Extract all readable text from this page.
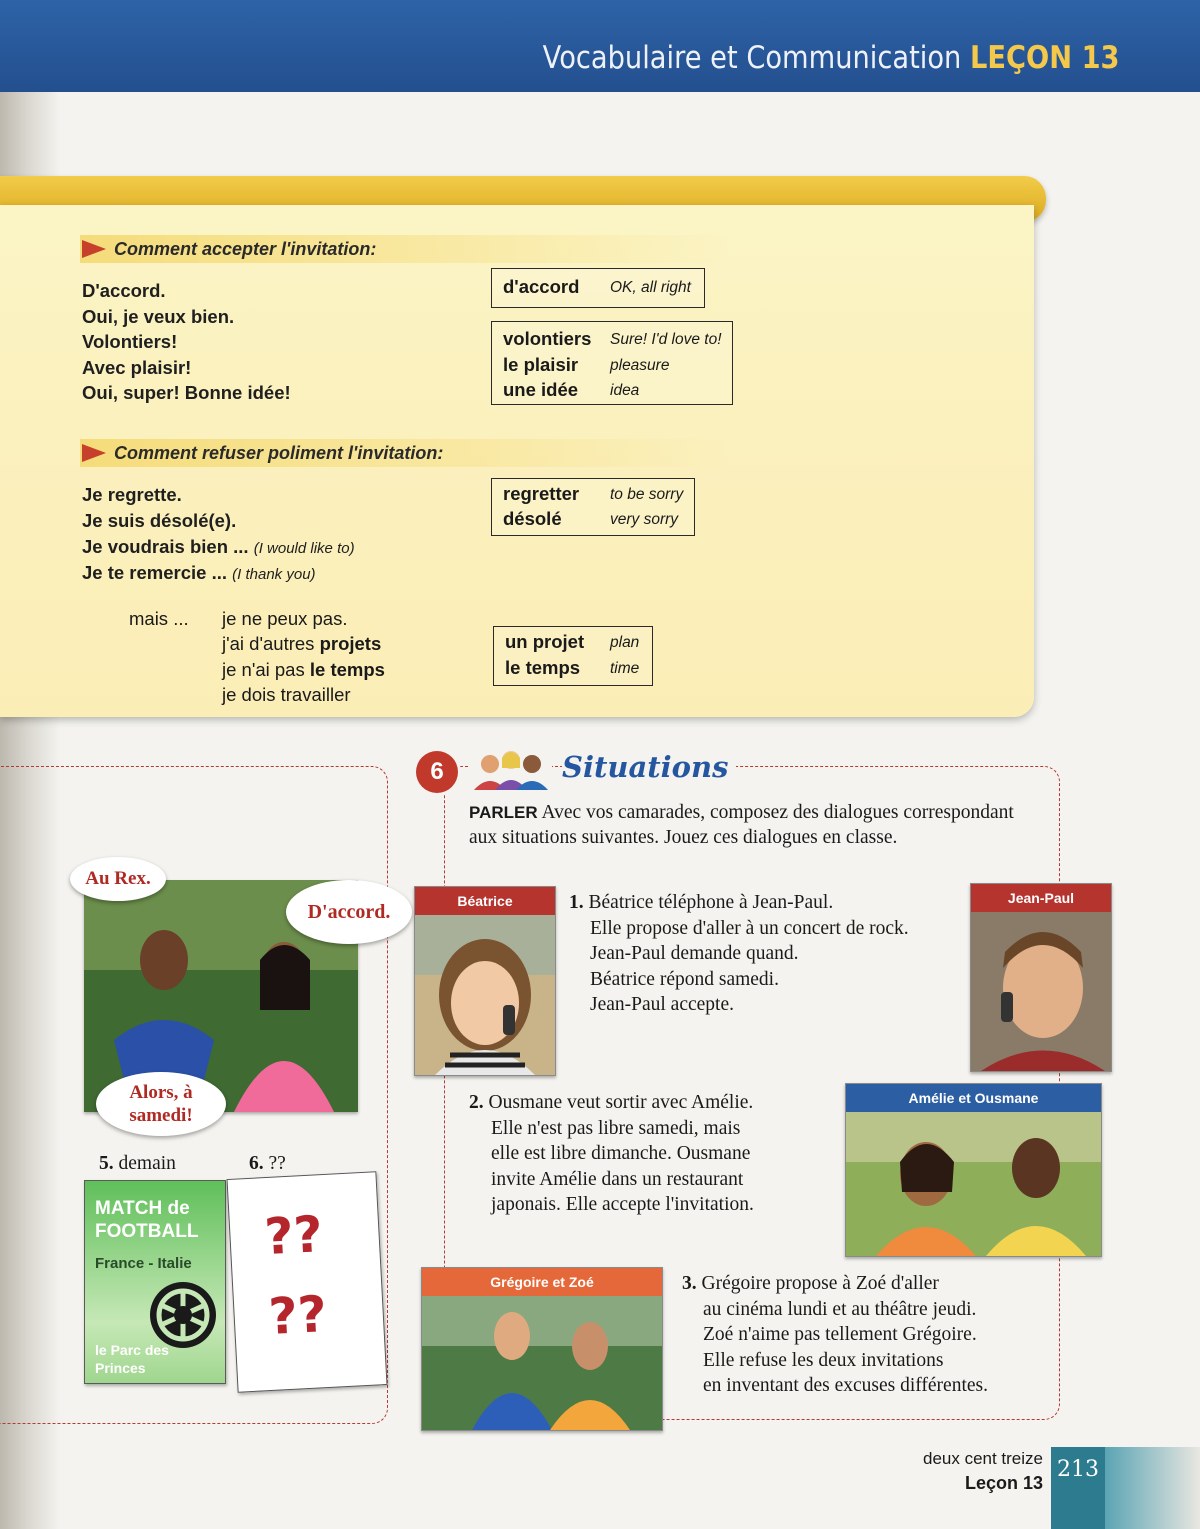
Vocabulaire et Communication LEÇON 13
Comment accepter l'invitation:
D'accord.
Oui, je veux bien.
Volontiers!
Avec plaisir!
Oui, super! Bonne idée!
d'accord OK, all right
volontiers Sure! I'd love to!
le plaisir pleasure
une idée idea
Comment refuser poliment l'invitation:
Je regrette.
Je suis désolé(e).
Je voudrais bien ... (I would like to)
Je te remercie ... (I thank you)
regretter to be sorry
désolé	very sorry
mais ... je ne peux pas.
j'ai d'autres projets
je n'ai pas le temps
je dois travailler
un projet plan
le temps time
6	Situations
PARLER Avec vos camarades, composez des dialogues correspondant aux situations suivantes. Jouez ces dialogues en classe.
Béatrice	1. Béatrice téléphone à Jean-Paul.
Elle propose d'aller à un concert de rock.
Jean-Paul demande quand.
Béatrice répond samedi.
Jean-Paul accepte.
Jean-Paul
2. Ousmane veut sortir avec Amélie.
Elle n'est pas libre samedi, mais
elle est libre dimanche. Ousmane
invite Amélie dans un restaurant
japonais. Elle accepte l'invitation.
Amélie et Ousmane
3. Grégoire propose à Zoé d'aller
au cinéma lundi et au théâtre jeudi.
Zoé n'aime pas tellement Grégoire.
Elle refuse les deux invitations
en inventant des excuses différentes.
Grégoire et Zoé
Au Rex.
D'accord.
Alors, à samedi!
5. demain	6. ??
MATCH de FOOTBALL
France - Italie
le Parc des Princes
??
??
deux cent treize
Leçon 13
213
